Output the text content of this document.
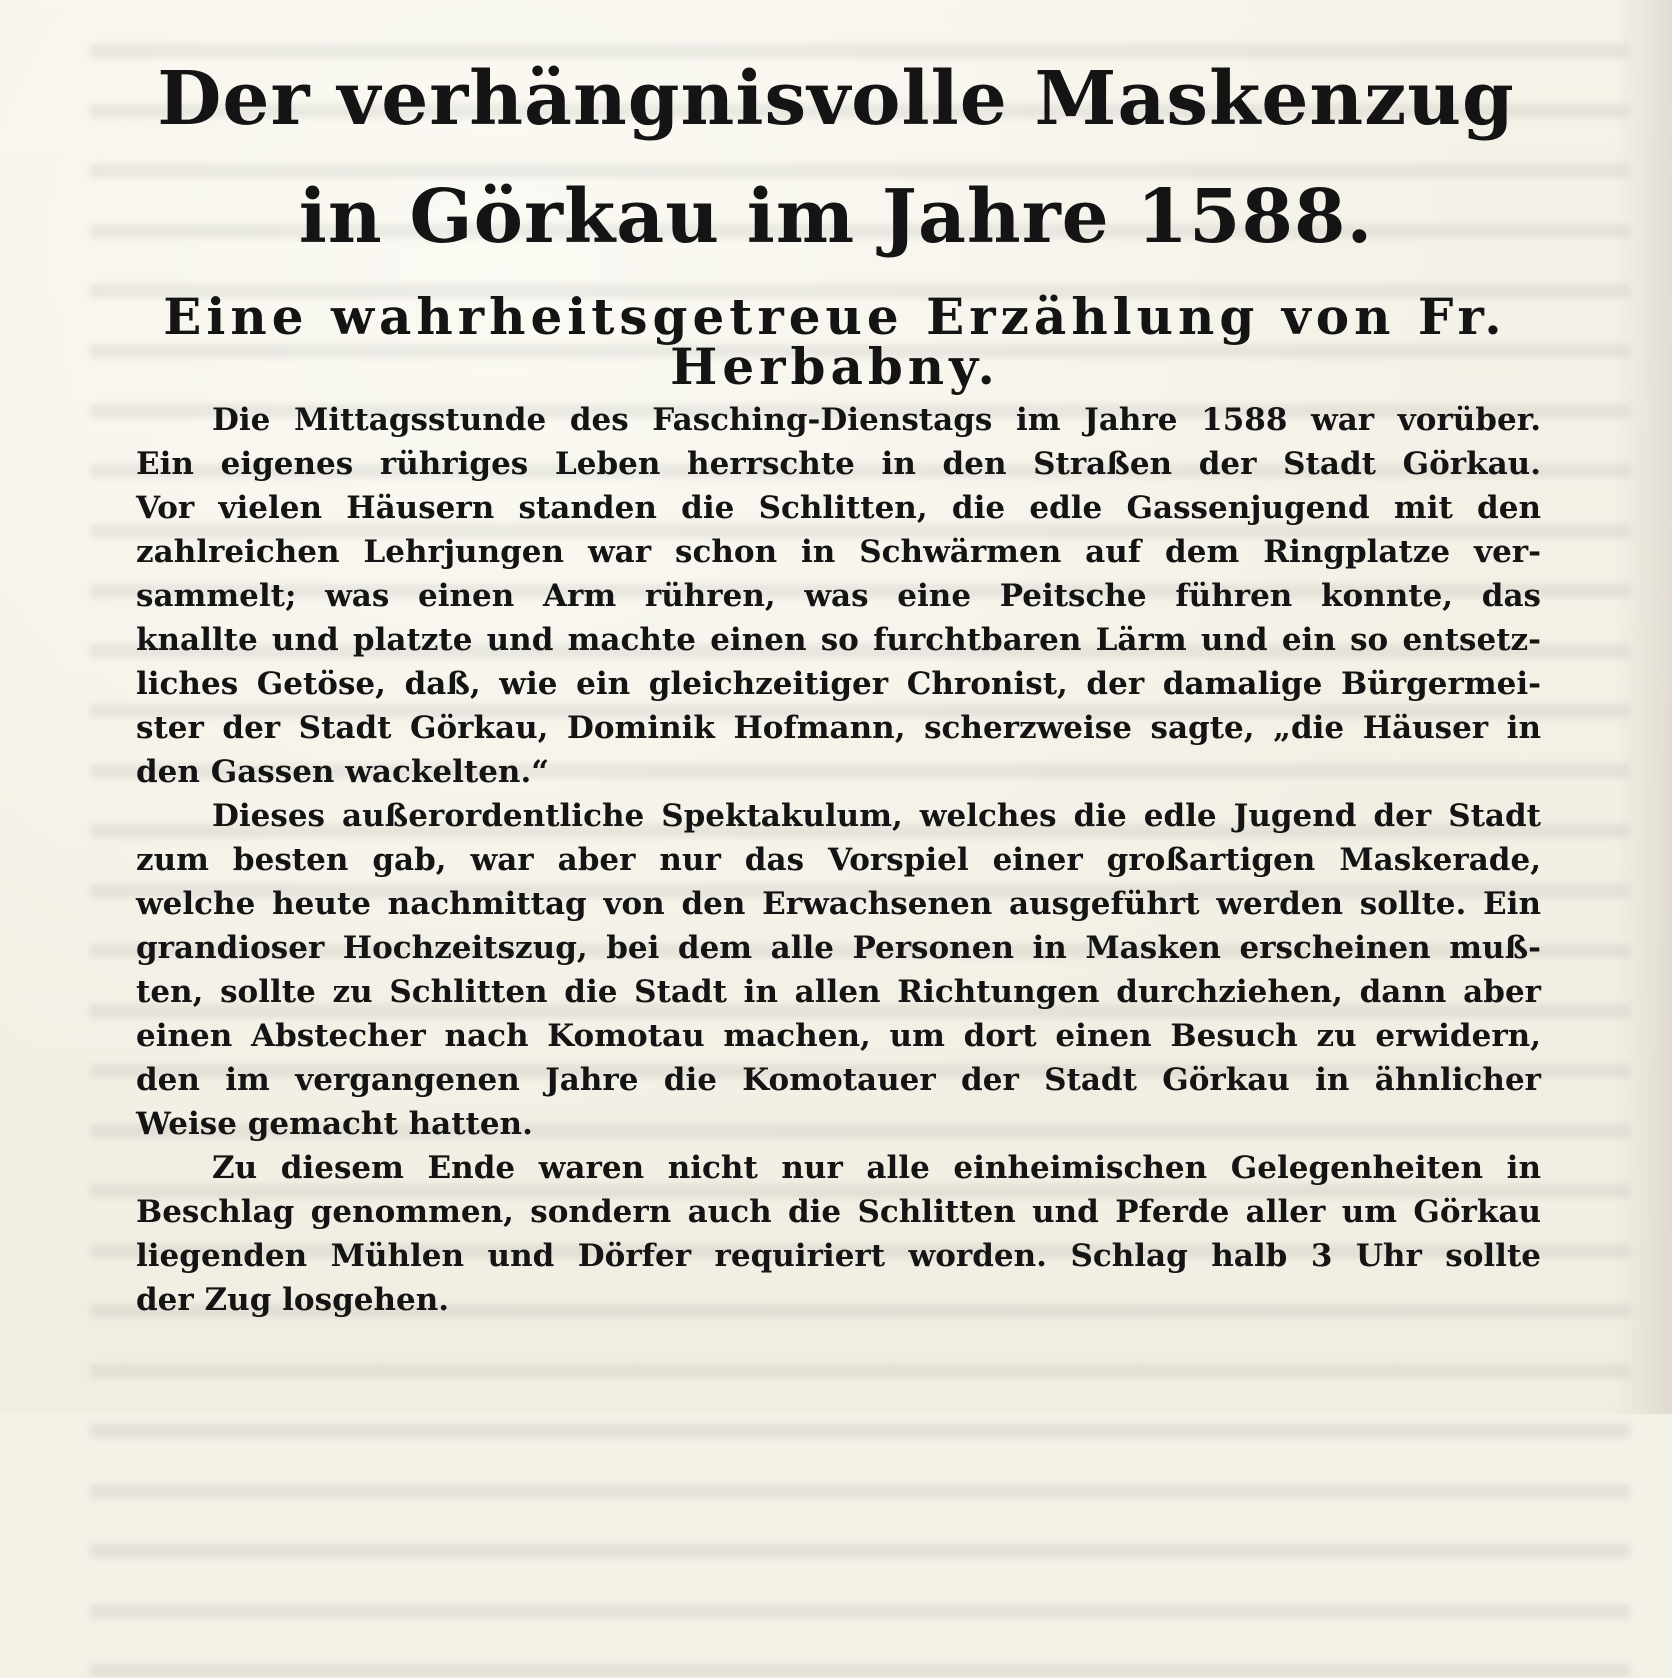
Der verhängnisvolle Maskenzug
in Görkau im Jahre 1588.
Eine wahrheitsgetreue Erzählung von Fr. Herbabny.
Die Mittagsstunde des Fasching-Dienstags im Jahre 1588 war vorüber.
Ein eigenes rühriges Leben herrschte in den Straßen der Stadt Görkau.
Vor vielen Häusern standen die Schlitten, die edle Gassenjugend mit den
zahlreichen Lehrjungen war schon in Schwärmen auf dem Ringplatze ver-
sammelt; was einen Arm rühren, was eine Peitsche führen konnte, das
knallte und platzte und machte einen so furchtbaren Lärm und ein so entsetz-
liches Getöse, daß, wie ein gleichzeitiger Chronist, der damalige Bürgermei-
ster der Stadt Görkau, Dominik Hofmann, scherzweise sagte, „die Häuser in
den Gassen wackelten.“
Dieses außerordentliche Spektakulum, welches die edle Jugend der Stadt
zum besten gab, war aber nur das Vorspiel einer großartigen Maskerade,
welche heute nachmittag von den Erwachsenen ausgeführt werden sollte. Ein
grandioser Hochzeitszug, bei dem alle Personen in Masken erscheinen muß-
ten, sollte zu Schlitten die Stadt in allen Richtungen durchziehen, dann aber
einen Abstecher nach Komotau machen, um dort einen Besuch zu erwidern,
den im vergangenen Jahre die Komotauer der Stadt Görkau in ähnlicher
Weise gemacht hatten.
Zu diesem Ende waren nicht nur alle einheimischen Gelegenheiten in
Beschlag genommen, sondern auch die Schlitten und Pferde aller um Görkau
liegenden Mühlen und Dörfer requiriert worden. Schlag halb 3 Uhr sollte
der Zug losgehen.
